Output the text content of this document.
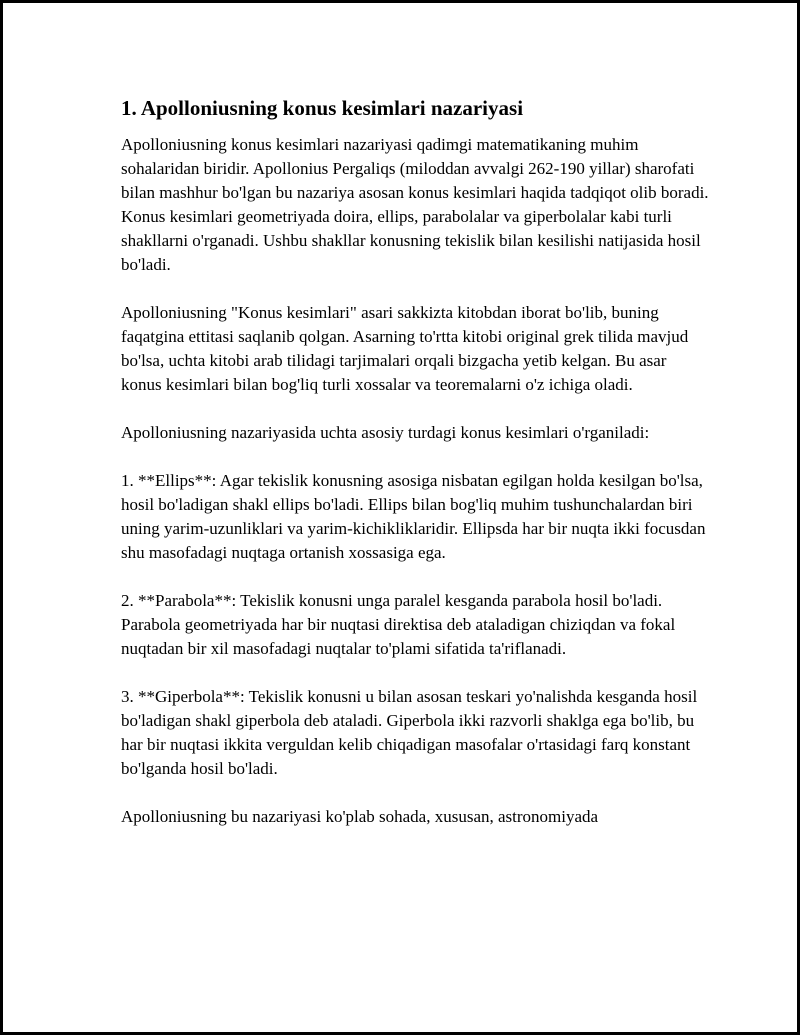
1. Apolloniusning konus kesimlari nazariyasi

Apolloniusning konus kesimlari nazariyasi qadimgi matematikaning muhim sohalaridan biridir. Apollonius Pergaliqs (miloddan avvalgi 262-190 yillar) sharofati bilan mashhur bo'lgan bu nazariya asosan konus kesimlari haqida tadqiqot olib boradi. Konus kesimlari geometriyada doira, ellips, parabolalar va giperbolalar kabi turli shakllarni o'rganadi. Ushbu shakllar konusning tekislik bilan kesilishi natijasida hosil bo'ladi.

Apolloniusning "Konus kesimlari" asari sakkizta kitobdan iborat bo'lib, buning faqatgina ettitasi saqlanib qolgan. Asarning to'rtta kitobi original grek tilida mavjud bo'lsa, uchta kitobi arab tilidagi tarjimalari orqali bizgacha yetib kelgan. Bu asar konus kesimlari bilan bog'liq turli xossalar va teoremalarni o'z ichiga oladi.

Apolloniusning nazariyasida uchta asosiy turdagi konus kesimlari o'rganiladi:

1. **Ellips**: Agar tekislik konusning asosiga nisbatan egilgan holda kesilgan bo'lsa, hosil bo'ladigan shakl ellips bo'ladi. Ellips bilan bog'liq muhim tushunchalardan biri uning yarim-uzunliklari va yarim-kichikliklaridir. Ellipsda har bir nuqta ikki focusdan shu masofadagi nuqtaga ortanish xossasiga ega.

2. **Parabola**: Tekislik konusni unga paralel kesganda parabola hosil bo'ladi. Parabola geometriyada har bir nuqtasi direktisa deb ataladigan chiziqdan va fokal nuqtadan bir xil masofadagi nuqtalar to'plami sifatida ta'riflanadi.

3. **Giperbola**: Tekislik konusni u bilan asosan teskari yo'nalishda kesganda hosil bo'ladigan shakl giperbola deb ataladi. Giperbola ikki razvorli shaklga ega bo'lib, bu har bir nuqtasi ikkita verguldan kelib chiqadigan masofalar o'rtasidagi farq konstant bo'lganda hosil bo'ladi.

Apolloniusning bu nazariyasi ko'plab sohada, xususan, astronomiyada
